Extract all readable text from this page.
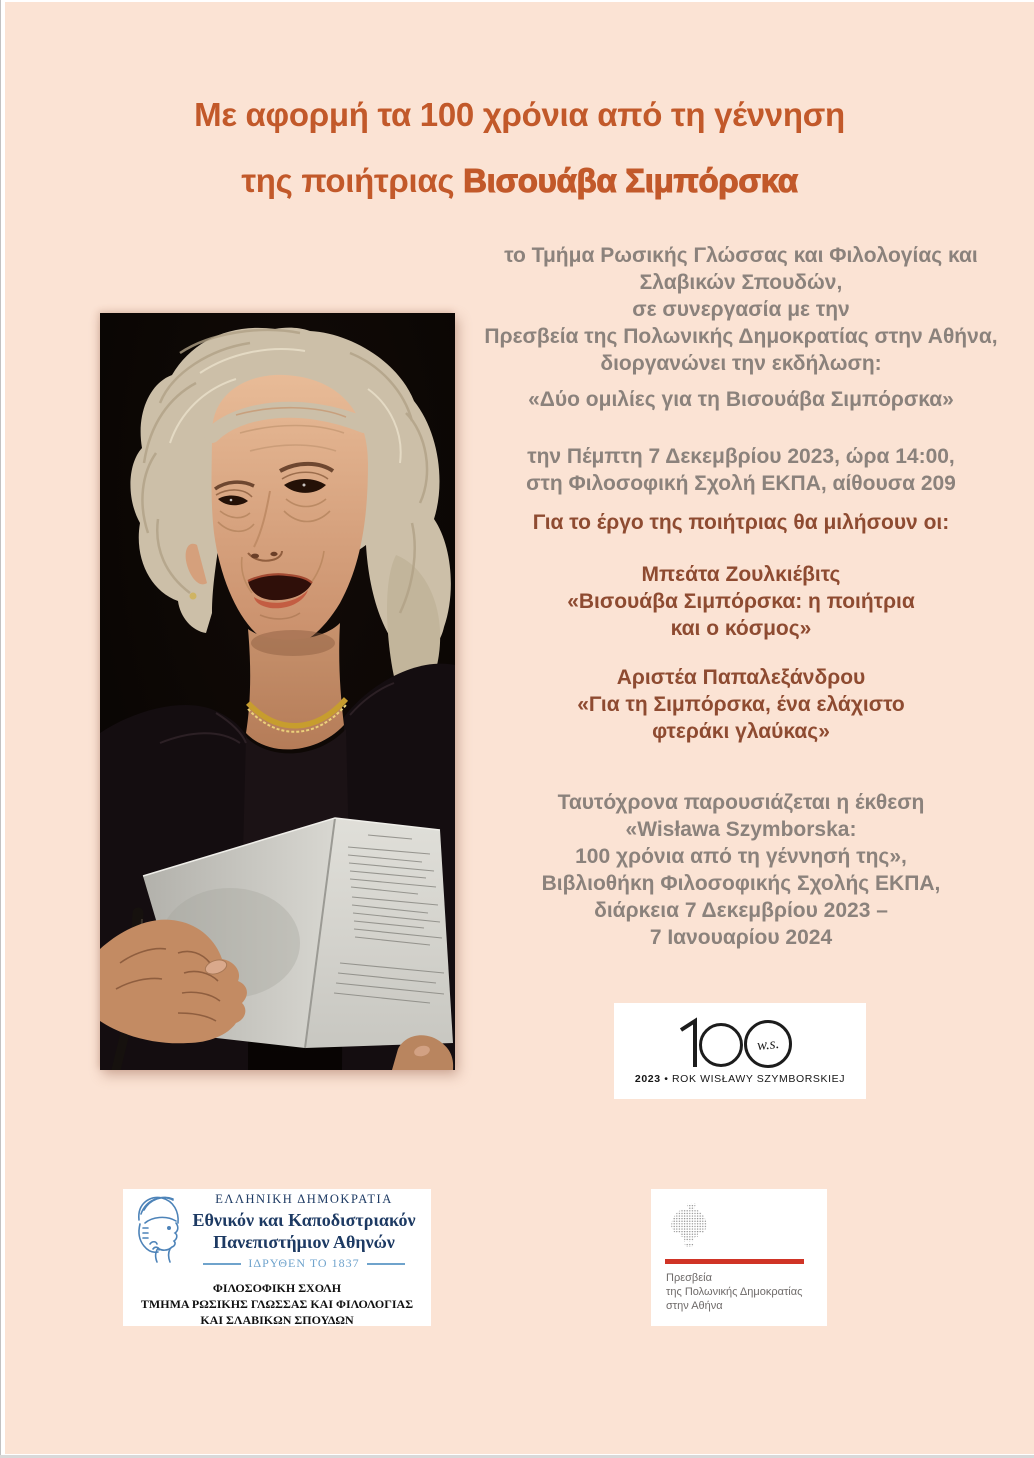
Με αφορμή τα 100 χρόνια από τη γέννηση
της ποιήτριας Βισουάβα Σιμπόρσκα

το Τμήμα Ρωσικής Γλώσσας και Φιλολογίας και
Σλαβικών Σπουδών,
σε συνεργασία με την
Πρεσβεία της Πολωνικής Δημοκρατίας στην Αθήνα,
διοργανώνει την εκδήλωση:

«Δύο ομιλίες για τη Βισουάβα Σιμπόρσκα»

την Πέμπτη 7 Δεκεμβρίου 2023, ώρα 14:00,
στη Φιλοσοφική Σχολή ΕΚΠΑ, αίθουσα 209

Για το έργο της ποιήτριας θα μιλήσουν οι:

Μπεάτα Ζουλκιέβιτς
«Βισουάβα Σιμπόρσκα: η ποιήτρια
και ο κόσμος»
Αριστέα Παπαλεξάνδρου
«Για τη Σιμπόρσκα, ένα ελάχιστο
φτεράκι γλαύκας»
Ταυτόχρονα παρουσιάζεται η έκθεση
«Wisława Szymborska:
100 χρόνια από τη γέννησή της»,
Βιβλιοθήκη Φιλοσοφικής Σχολής ΕΚΠΑ,
διάρκεια 7 Δεκεμβρίου 2023 –
7 Ιανουαρίου 2024
w.s.
2023 • ROK WISŁAWY SZYMBORSKIEJ
ΕΛΛΗΝΙΚΗ ΔΗΜΟΚΡΑΤΙΑ
Εθνικόν και Καποδιστριακόν
Πανεπιστήμιον Αθηνών
ΙΔΡΥΘΕΝ ΤΟ 1837
ΦΙΛΟΣΟΦΙΚΗ ΣΧΟΛΗ
ΤΜΗΜΑ ΡΩΣΙΚΗΣ ΓΛΩΣΣΑΣ ΚΑΙ ΦΙΛΟΛΟΓΙΑΣ
ΚΑΙ ΣΛΑΒΙΚΩΝ ΣΠΟΥΔΩΝ
Πρεσβεία
της Πολωνικής Δημοκρατίας
στην Αθήνα
